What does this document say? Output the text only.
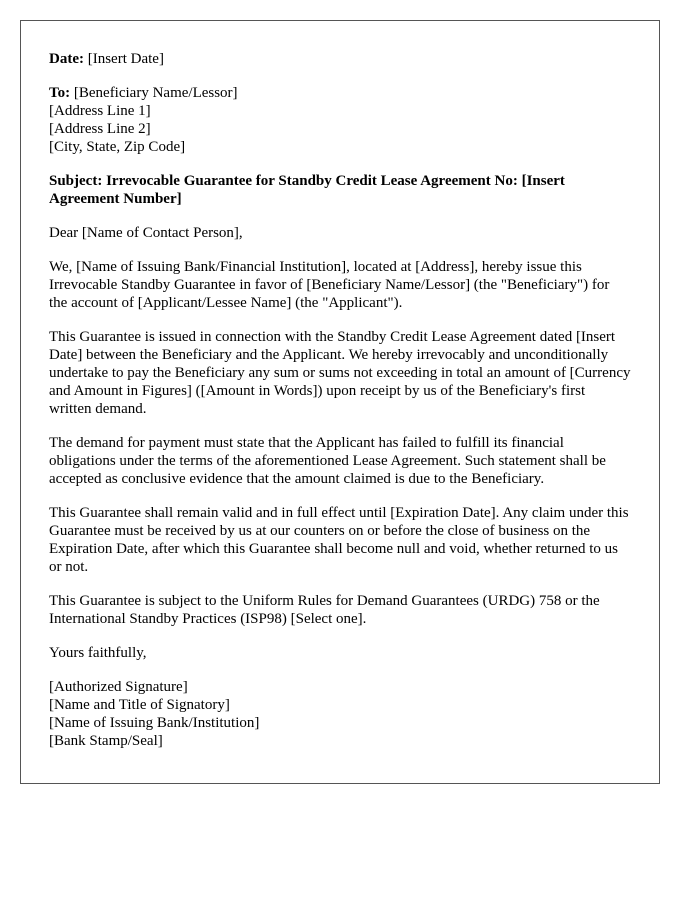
Date: [Insert Date]
To: [Beneficiary Name/Lessor]
[Address Line 1]
[Address Line 2]
[City, State, Zip Code]
Subject: Irrevocable Guarantee for Standby Credit Lease Agreement No: [Insert Agreement Number]

Dear [Name of Contact Person],

We, [Name of Issuing Bank/Financial Institution], located at [Address], hereby issue this Irrevocable Standby Guarantee in favor of [Beneficiary Name/Lessor] (the "Beneficiary") for the account of [Applicant/Lessee Name] (the "Applicant").

This Guarantee is issued in connection with the Standby Credit Lease Agreement dated [Insert Date] between the Beneficiary and the Applicant. We hereby irrevocably and unconditionally undertake to pay the Beneficiary any sum or sums not exceeding in total an amount of [Currency and Amount in Figures] ([Amount in Words]) upon receipt by us of the Beneficiary's first written demand.

The demand for payment must state that the Applicant has failed to fulfill its financial obligations under the terms of the aforementioned Lease Agreement. Such statement shall be accepted as conclusive evidence that the amount claimed is due to the Beneficiary.

This Guarantee shall remain valid and in full effect until [Expiration Date]. Any claim under this Guarantee must be received by us at our counters on or before the close of business on the Expiration Date, after which this Guarantee shall become null and void, whether returned to us or not.

This Guarantee is subject to the Uniform Rules for Demand Guarantees (URDG) 758 or the International Standby Practices (ISP98) [Select one].

Yours faithfully,

[Authorized Signature]
[Name and Title of Signatory]
[Name of Issuing Bank/Institution]
[Bank Stamp/Seal]
